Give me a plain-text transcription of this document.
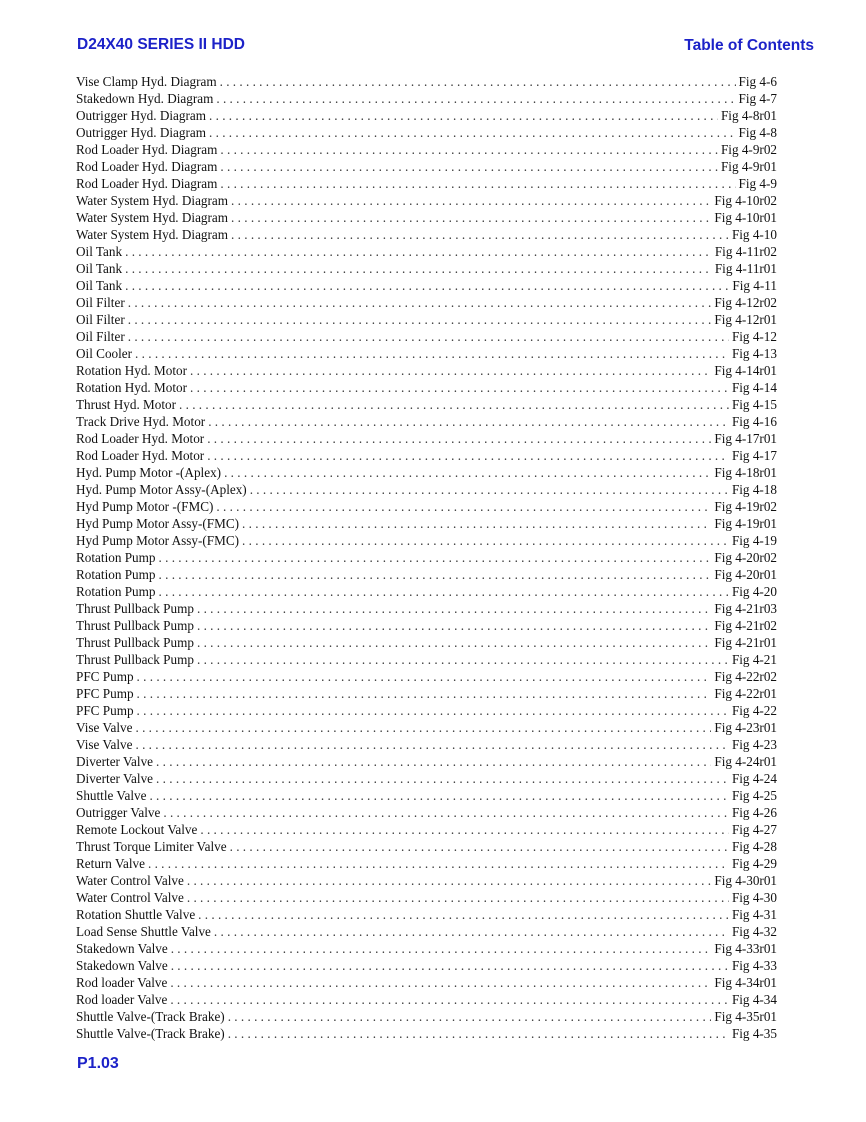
D24X40 SERIES II HDD	Table of Contents
Vise Clamp Hyd. Diagram . . .	Fig 4-6
Stakedown Hyd. Diagram . . .	Fig 4-7
Outrigger Hyd. Diagram . . .	Fig 4-8r01
Outrigger Hyd. Diagram . . .	Fig 4-8
Rod Loader Hyd. Diagram . . .	Fig 4-9r02
Rod Loader Hyd. Diagram . . .	Fig 4-9r01
Rod Loader Hyd. Diagram . . .	Fig 4-9
Water System Hyd. Diagram . . .	Fig 4-10r02
Water System Hyd. Diagram . . .	Fig 4-10r01
Water System Hyd. Diagram . . .	Fig 4-10
Oil Tank . . .	Fig 4-11r02
Oil Tank . . .	Fig 4-11r01
Oil Tank . . .	Fig 4-11
Oil Filter . . .	Fig 4-12r02
Oil Filter . . .	Fig 4-12r01
Oil Filter . . .	Fig 4-12
Oil Cooler . . .	Fig 4-13
Rotation Hyd. Motor . . .	Fig 4-14r01
Rotation Hyd. Motor . . .	Fig 4-14
Thrust Hyd. Motor . . .	Fig 4-15
Track Drive Hyd. Motor . . .	Fig 4-16
Rod Loader Hyd. Motor . . .	Fig 4-17r01
Rod Loader Hyd. Motor . . .	Fig 4-17
Hyd. Pump Motor -(Aplex) . . .	Fig 4-18r01
Hyd. Pump Motor Assy-(Aplex) . . .	Fig 4-18
Hyd Pump Motor -(FMC) . . .	Fig 4-19r02
Hyd Pump Motor Assy-(FMC) . . .	Fig 4-19r01
Hyd Pump Motor Assy-(FMC) . . .	Fig 4-19
Rotation Pump . . .	Fig 4-20r02
Rotation Pump . . .	Fig 4-20r01
Rotation Pump . . .	Fig 4-20
Thrust Pullback Pump . . .	Fig 4-21r03
Thrust Pullback Pump . . .	Fig 4-21r02
Thrust Pullback Pump . . .	Fig 4-21r01
Thrust Pullback Pump . . .	Fig 4-21
PFC Pump . . .	Fig 4-22r02
PFC Pump . . .	Fig 4-22r01
PFC Pump . . .	Fig 4-22
Vise Valve . . .	Fig 4-23r01
Vise Valve . . .	Fig 4-23
Diverter Valve . . .	Fig 4-24r01
Diverter Valve . . .	Fig 4-24
Shuttle Valve . . .	Fig 4-25
Outrigger Valve . . .	Fig 4-26
Remote Lockout Valve . . .	Fig 4-27
Thrust Torque Limiter Valve . . .	Fig 4-28
Return Valve . . .	Fig 4-29
Water Control Valve . . .	Fig 4-30r01
Water Control Valve . . .	Fig 4-30
Rotation Shuttle Valve . . .	Fig 4-31
Load Sense Shuttle Valve . . .	Fig 4-32
Stakedown Valve . . .	Fig 4-33r01
Stakedown Valve . . .	Fig 4-33
Rod loader Valve . . .	Fig 4-34r01
Rod loader Valve . . .	Fig 4-34
Shuttle Valve-(Track Brake) . . .	Fig 4-35r01
Shuttle Valve-(Track Brake) . . .	Fig 4-35
P1.03
